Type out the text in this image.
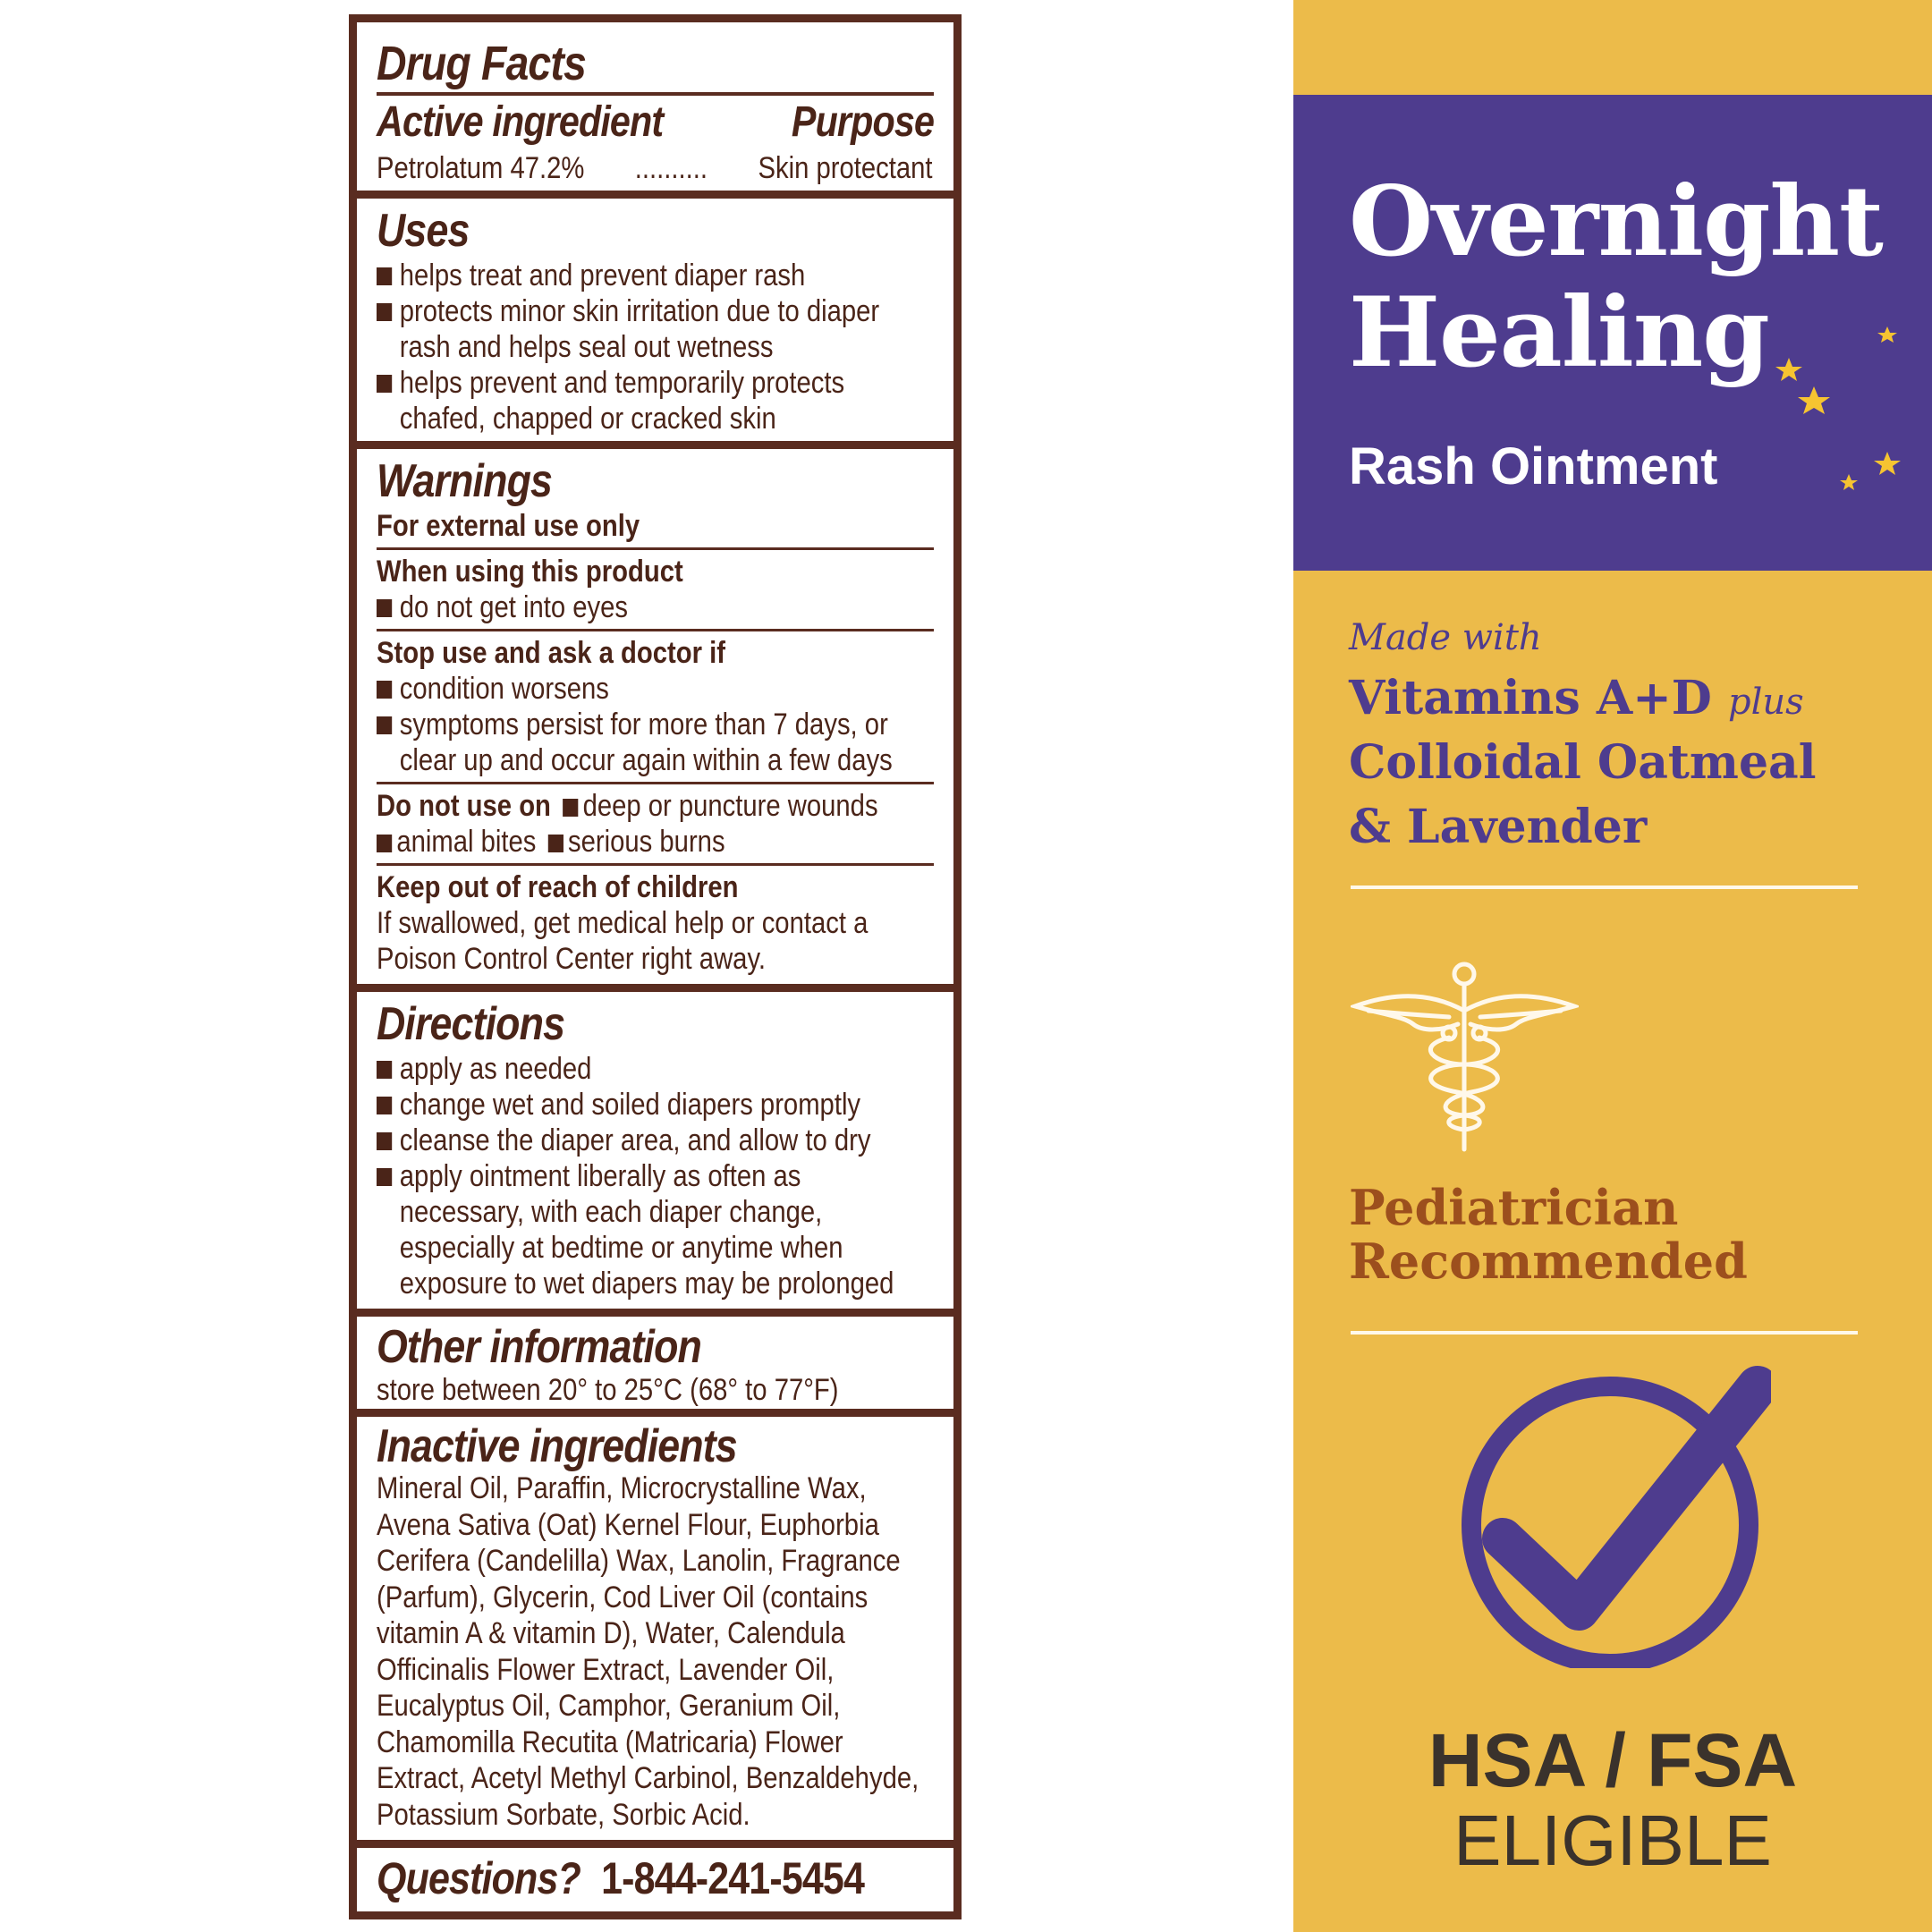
Drug Facts
Active ingredient	Purpose
Petrolatum 47.2%	..........	Skin protectant
Uses
helps treat and prevent diaper rash
protects minor skin irritation due to diaper rash and helps seal out wetness
helps prevent and temporarily protects chafed, chapped or cracked skin
Warnings
For external use only
When using this product
do not get into eyes
Stop use and ask a doctor if
condition worsens
symptoms persist for more than 7 days, or clear up and occur again within a few days
Do not use on deep or puncture wounds
animal bites serious burns
Keep out of reach of children
If swallowed, get medical help or contact a Poison Control Center right away.
Directions
apply as needed
change wet and soiled diapers promptly
cleanse the diaper area, and allow to dry
apply ointment liberally as often as necessary, with each diaper change, especially at bedtime or anytime when exposure to wet diapers may be prolonged
Other information
store between 20° to 25°C (68° to 77°F)
Inactive ingredients
Mineral Oil, Paraffin, Microcrystalline Wax, Avena Sativa (Oat) Kernel Flour, Euphorbia Cerifera (Candelilla) Wax, Lanolin, Fragrance (Parfum), Glycerin, Cod Liver Oil (contains vitamin A & vitamin D), Water, Calendula Officinalis Flower Extract, Lavender Oil, Eucalyptus Oil, Camphor, Geranium Oil, Chamomilla Recutita (Matricaria) Flower Extract, Acetyl Methyl Carbinol, Benzaldehyde, Potassium Sorbate, Sorbic Acid.
Questions? 1-844-241-5454
Overnight
Healing
Rash Ointment
Made with
Vitamins A+D plus
Colloidal Oatmeal
& Lavender
Pediatrician
Recommended
HSA / FSA
ELIGIBLE
